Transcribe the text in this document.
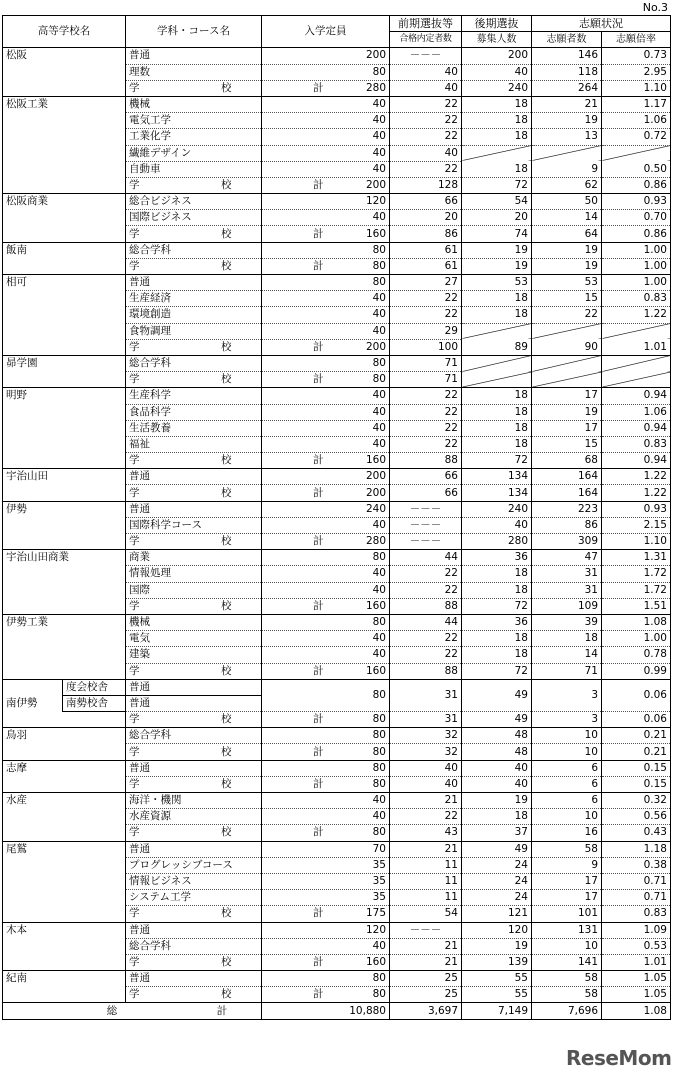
No.3
高等学校名		学科・コース名	入学定員	前期選抜等	後期選抜	志願状況	
				合格内定者数	募集人数	志願者数	志願倍率
松阪		普通	200	－－－	200	146	0.73
		理数	80	40	40	118	2.95
		学 校 計	280	40	240	264	1.10
松阪工業		機械	40	22	18	21	1.17
		電気工学	40	22	18	19	1.06
		工業化学	40	22	18	13	0.72
		繊維デザイン	40	40			
		自動車	40	22	18	9	0.50
		学 校 計	200	128	72	62	0.86
松阪商業		総合ビジネス	120	66	54	50	0.93
		国際ビジネス	40	20	20	14	0.70
		学 校 計	160	86	74	64	0.86
飯南		総合学科	80	61	19	19	1.00
		学 校 計	80	61	19	19	1.00
相可		普通	80	27	53	53	1.00
		生産経済	40	22	18	15	0.83
		環境創造	40	22	18	22	1.22
		食物調理	40	29			
		学 校 計	200	100	89	90	1.01
昴学園		総合学科	80	71			
		学 校 計	80	71			
明野		生産科学	40	22	18	17	0.94
		食品科学	40	22	18	19	1.06
		生活教養	40	22	18	17	0.94
		福祉	40	22	18	15	0.83
		学 校 計	160	88	72	68	0.94
宇治山田		普通	200	66	134	164	1.22
		学 校 計	200	66	134	164	1.22
伊勢		普通	240	－－－	240	223	0.93
		国際科学コース	40	－－－	40	86	2.15
		学 校 計	280	－－－	280	309	1.10
宇治山田商業		商業	80	44	36	47	1.31
		情報処理	40	22	18	31	1.72
		国際	40	22	18	31	1.72
		学 校 計	160	88	72	109	1.51
伊勢工業		機械	80	44	36	39	1.08
		電気	40	22	18	18	1.00
		建築	40	22	18	14	0.78
		学 校 計	160	88	72	71	0.99
南伊勢	度会校舎	普通	80	31	49	3	0.06
	南勢校舎	普通					
		学 校 計	80	31	49	3	0.06
鳥羽		総合学科	80	32	48	10	0.21
		学 校 計	80	32	48	10	0.21
志摩		普通	80	40	40	6	0.15
		学 校 計	80	40	40	6	0.15
水産		海洋・機関	40	21	19	6	0.32
		水産資源	40	22	18	10	0.56
		学 校 計	80	43	37	16	0.43
尾鷲		普通	70	21	49	58	1.18
		プログレッシブコース	35	11	24	9	0.38
		情報ビジネス	35	11	24	17	0.71
		システム工学	35	11	24	17	0.71
		学 校 計	175	54	121	101	0.83
木本		普通	120	－－－	120	131	1.09
		総合学科	40	21	19	10	0.53
		学 校 計	160	21	139	141	1.01
紀南		普通	80	25	55	58	1.05
		学 校 計	80	25	55	58	1.05
総 計			10,880	3,697	7,149	7,696	1.08
ReseMom
